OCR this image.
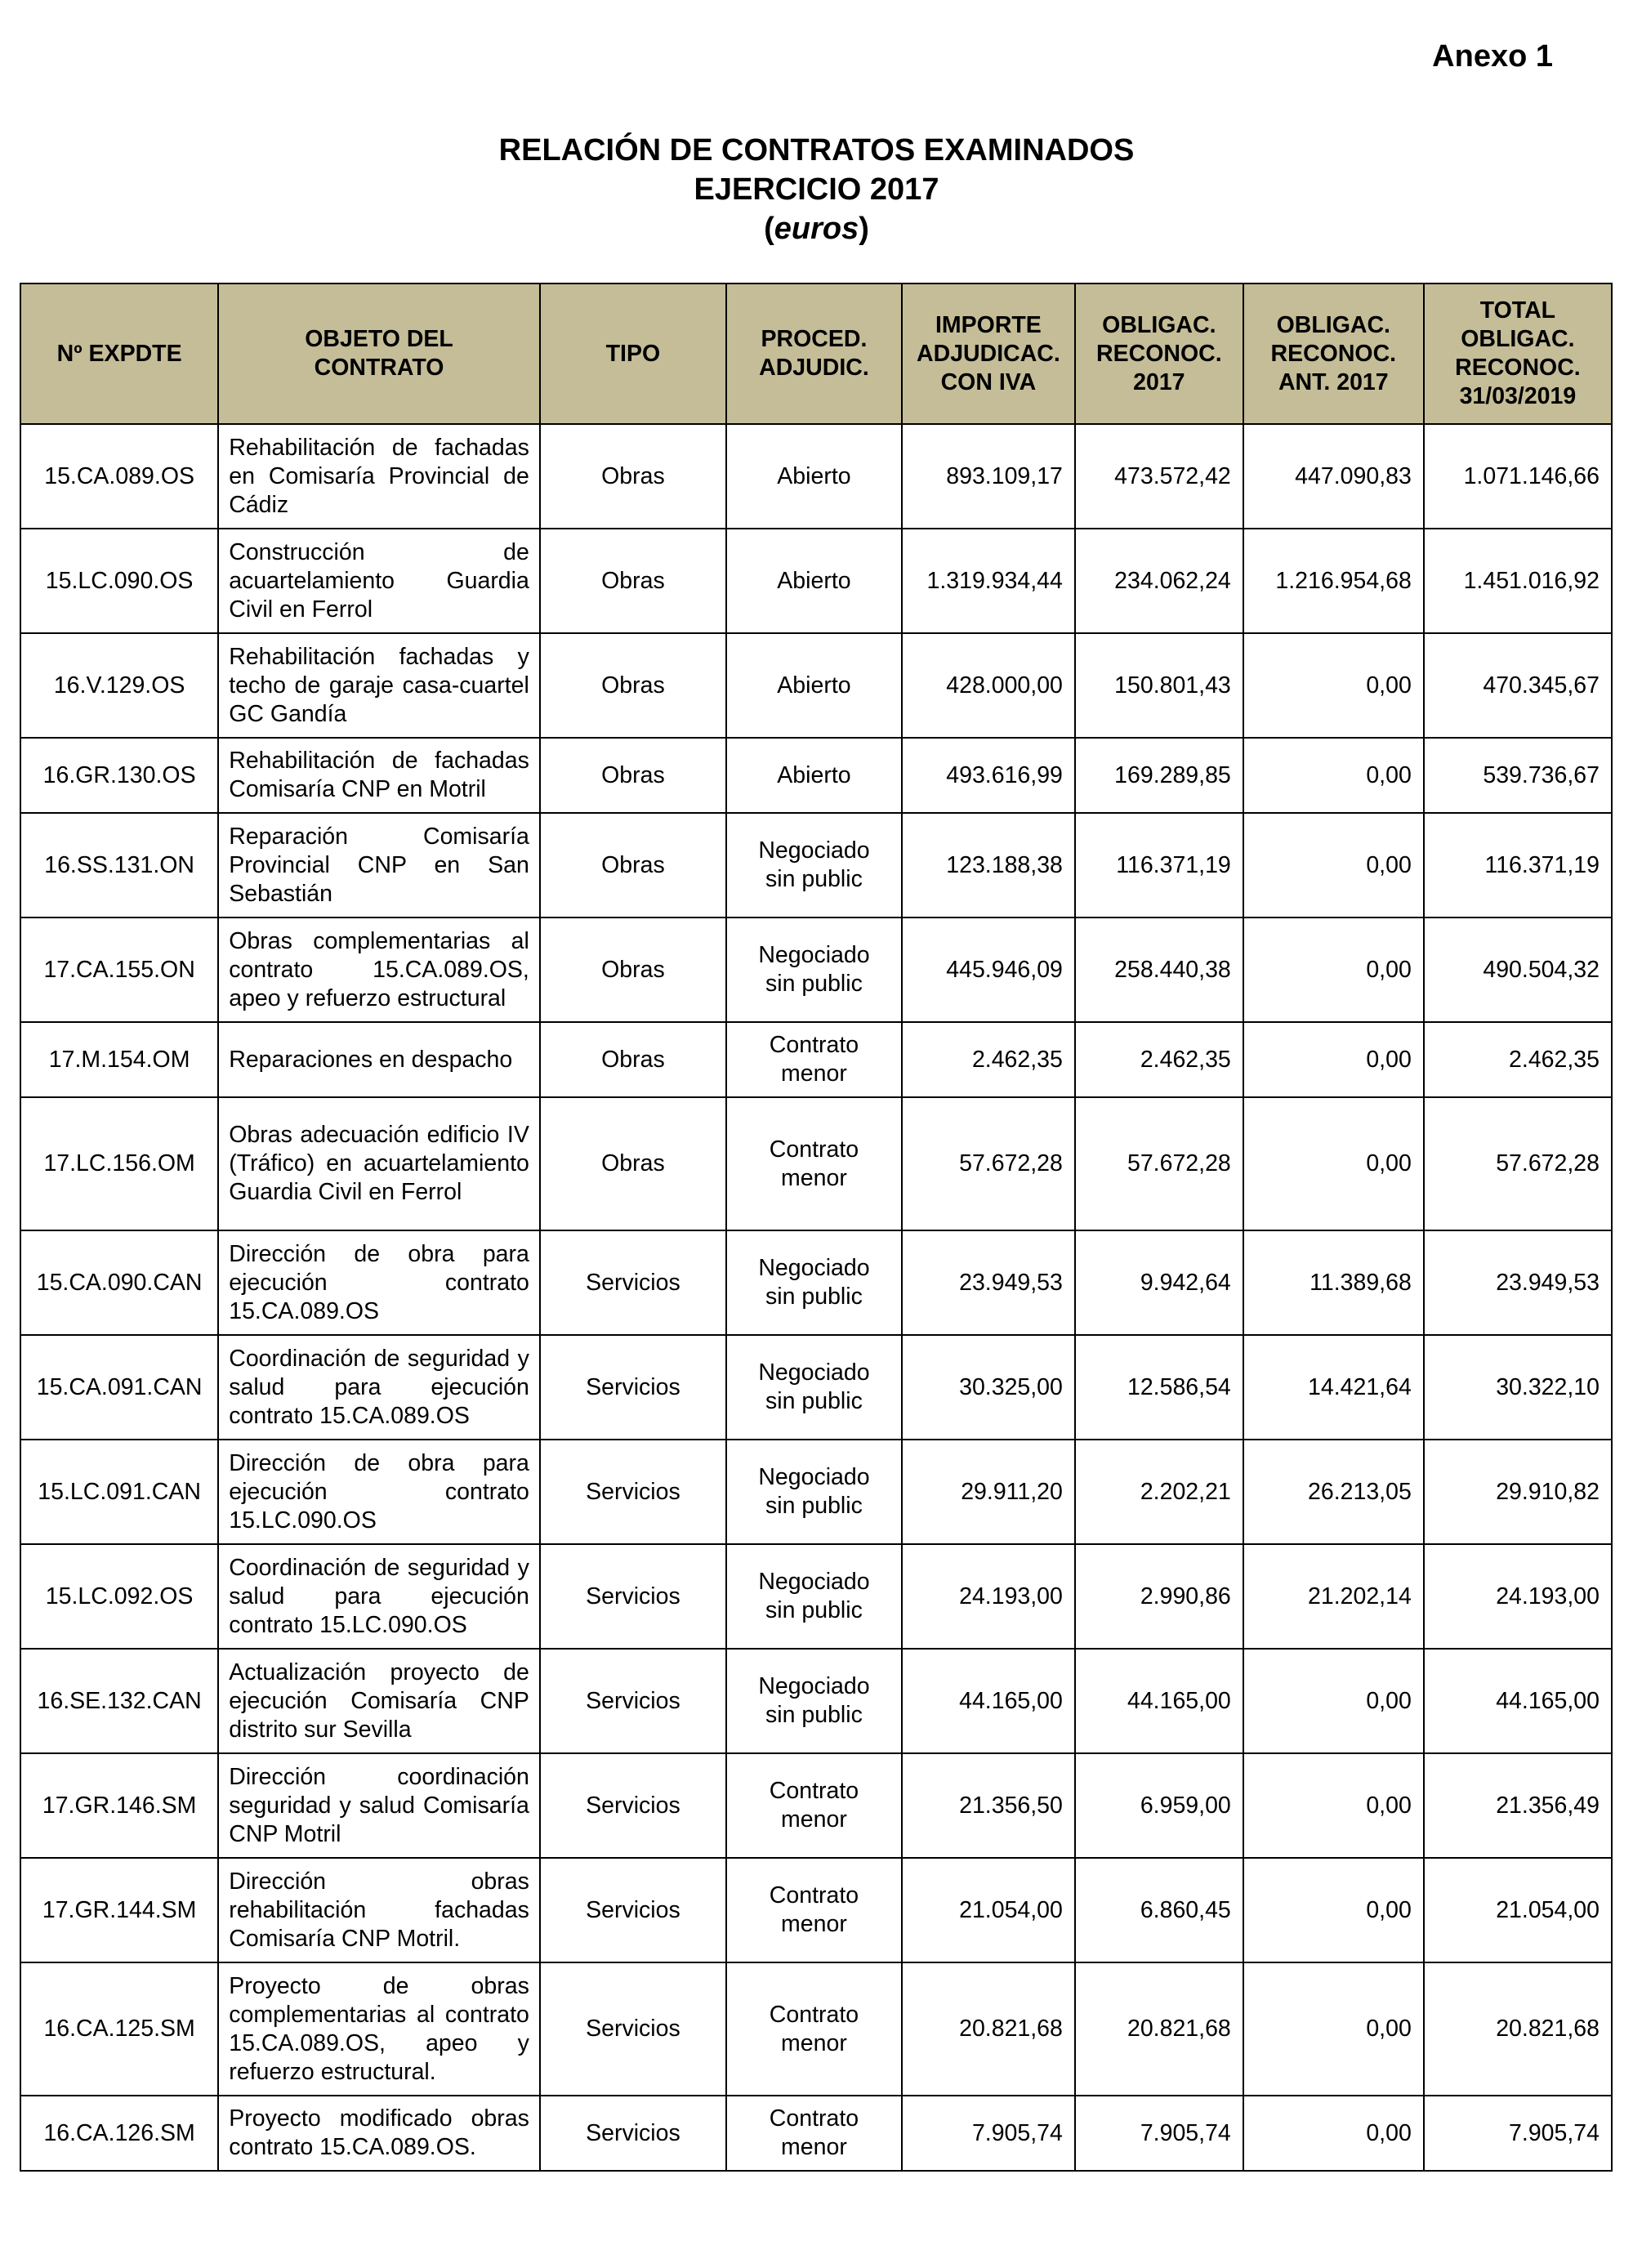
Anexo 1
RELACIÓN DE CONTRATOS EXAMINADOS
EJERCICIO 2017
(euros)
Nº EXPDTE	OBJETO DEL CONTRATO	TIPO	PROCED. ADJUDIC.	IMPORTE ADJUDICAC. CON IVA	OBLIGAC. RECONOC. 2017	OBLIGAC. RECONOC. ANT. 2017	TOTAL OBLIGAC. RECONOC. 31/03/2019
15.CA.089.OS	Rehabilitación de fachadas en Comisaría Provincial de Cádiz	Obras	Abierto	893.109,17	473.572,42	447.090,83	1.071.146,66
15.LC.090.OS	Construcción de acuartelamiento Guardia Civil en Ferrol	Obras	Abierto	1.319.934,44	234.062,24	1.216.954,68	1.451.016,92
16.V.129.OS	Rehabilitación fachadas y techo de garaje casa-cuartel GC Gandía	Obras	Abierto	428.000,00	150.801,43	0,00	470.345,67
16.GR.130.OS	Rehabilitación de fachadas Comisaría CNP en Motril	Obras	Abierto	493.616,99	169.289,85	0,00	539.736,67
16.SS.131.ON	Reparación Comisaría Provincial CNP en San Sebastián	Obras	Negociado sin public	123.188,38	116.371,19	0,00	116.371,19
17.CA.155.ON	Obras complementarias al contrato 15.CA.089.OS, apeo y refuerzo estructural	Obras	Negociado sin public	445.946,09	258.440,38	0,00	490.504,32
17.M.154.OM	Reparaciones en despacho	Obras	Contrato menor	2.462,35	2.462,35	0,00	2.462,35
17.LC.156.OM	Obras adecuación edificio IV (Tráfico) en acuartelamiento Guardia Civil en Ferrol	Obras	Contrato menor	57.672,28	57.672,28	0,00	57.672,28
15.CA.090.CAN	Dirección de obra para ejecución contrato 15.CA.089.OS	Servicios	Negociado sin public	23.949,53	9.942,64	11.389,68	23.949,53
15.CA.091.CAN	Coordinación de seguridad y salud para ejecución contrato 15.CA.089.OS	Servicios	Negociado sin public	30.325,00	12.586,54	14.421,64	30.322,10
15.LC.091.CAN	Dirección de obra para ejecución contrato 15.LC.090.OS	Servicios	Negociado sin public	29.911,20	2.202,21	26.213,05	29.910,82
15.LC.092.OS	Coordinación de seguridad y salud para ejecución contrato 15.LC.090.OS	Servicios	Negociado sin public	24.193,00	2.990,86	21.202,14	24.193,00
16.SE.132.CAN	Actualización proyecto de ejecución Comisaría CNP distrito sur Sevilla	Servicios	Negociado sin public	44.165,00	44.165,00	0,00	44.165,00
17.GR.146.SM	Dirección coordinación seguridad y salud Comisaría CNP Motril	Servicios	Contrato menor	21.356,50	6.959,00	0,00	21.356,49
17.GR.144.SM	Dirección obras rehabilitación fachadas Comisaría CNP Motril.	Servicios	Contrato menor	21.054,00	6.860,45	0,00	21.054,00
16.CA.125.SM	Proyecto de obras complementarias al contrato 15.CA.089.OS, apeo y refuerzo estructural.	Servicios	Contrato menor	20.821,68	20.821,68	0,00	20.821,68
16.CA.126.SM	Proyecto modificado obras contrato 15.CA.089.OS.	Servicios	Contrato menor	7.905,74	7.905,74	0,00	7.905,74
